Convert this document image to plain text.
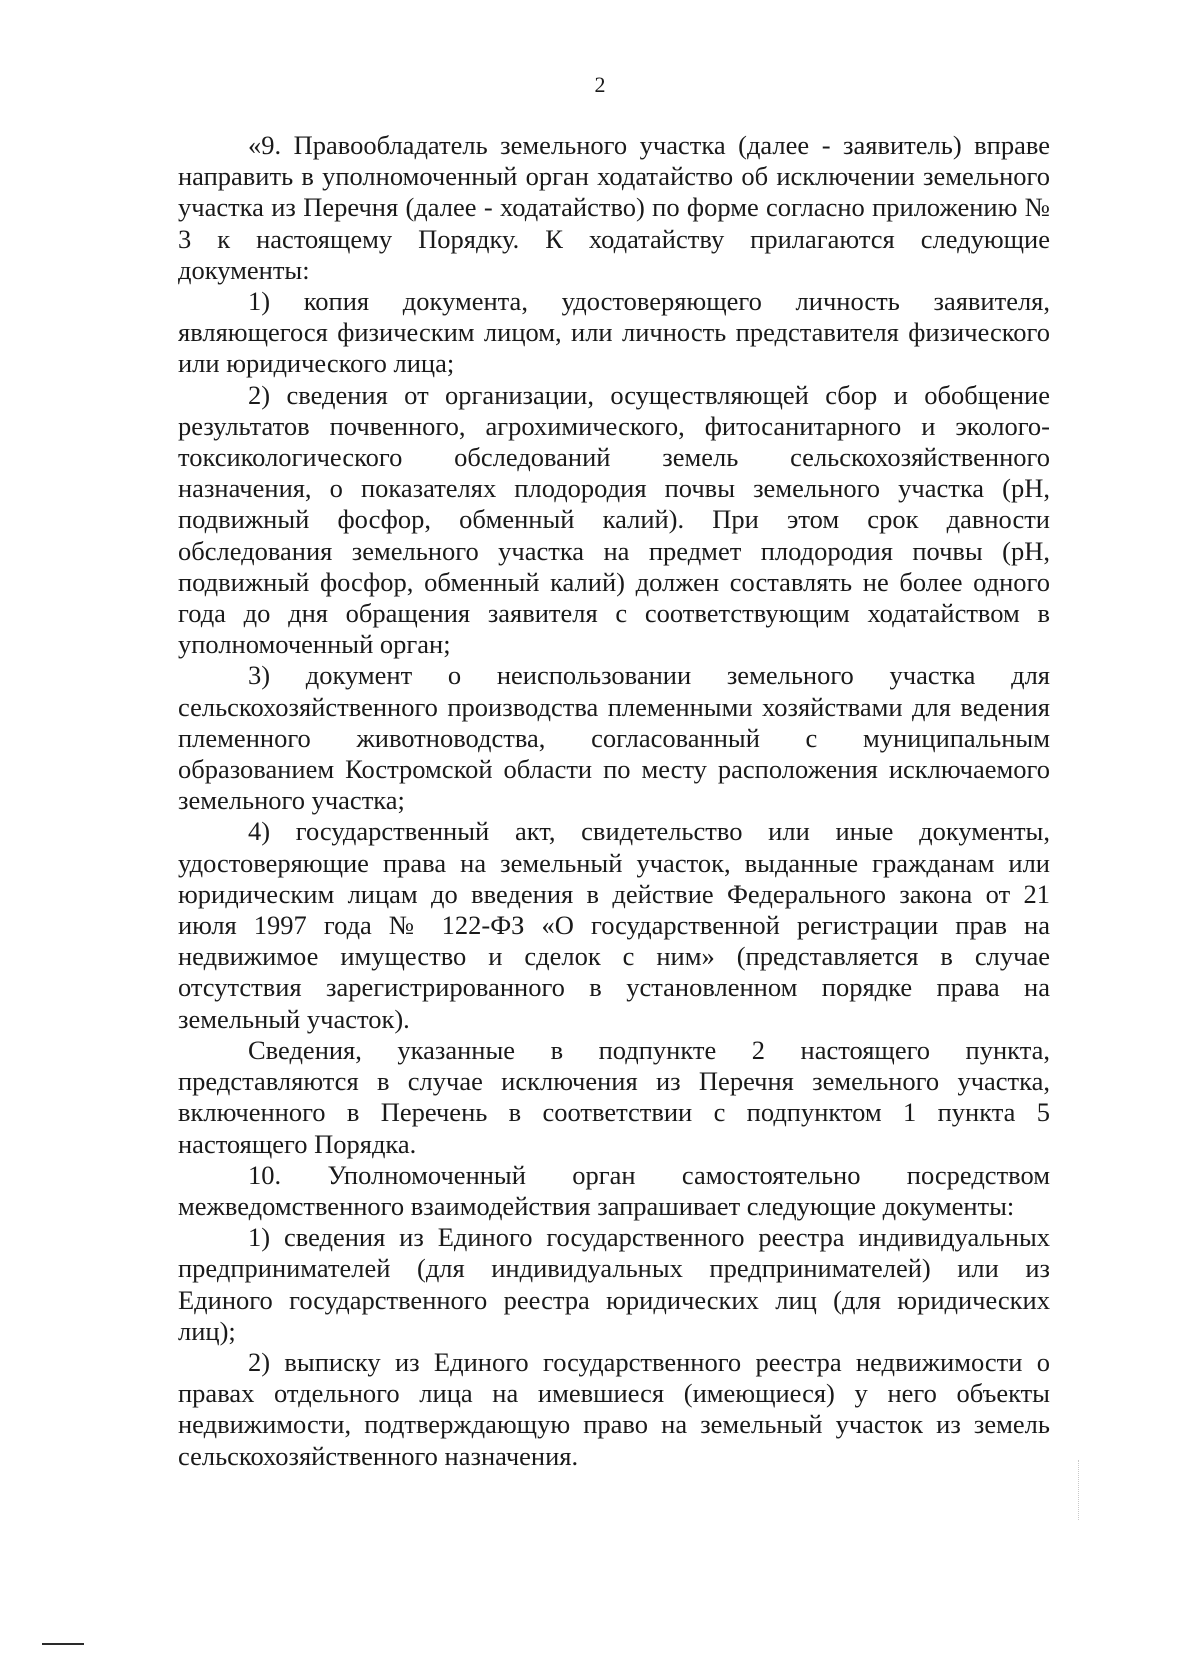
2

«9. Правообладатель земельного участка (далее - заявитель) вправе направить в уполномоченный орган ходатайство об исключении земельного участка из Перечня (далее - ходатайство) по форме согласно приложению № 3 к настоящему Порядку. К ходатайству прилагаются следующие документы:

1) копия документа, удостоверяющего личность заявителя, являющегося физическим лицом, или личность представителя физического или юридического лица;

2) сведения от организации, осуществляющей сбор и обобщение результатов почвенного, агрохимического, фитосанитарного и эколого-токсикологического обследований земель сельскохозяйственного назначения, о показателях плодородия почвы земельного участка (pH, подвижный фосфор, обменный калий). При этом срок давности обследования земельного участка на предмет плодородия почвы (pH, подвижный фосфор, обменный калий) должен составлять не более одного года до дня обращения заявителя с соответствующим ходатайством в уполномоченный орган;

3) документ о неиспользовании земельного участка для сельскохозяйственного производства племенными хозяйствами для ведения племенного животноводства, согласованный с муниципальным образованием Костромской области по месту расположения исключаемого земельного участка;

4) государственный акт, свидетельство или иные документы, удостоверяющие права на земельный участок, выданные гражданам или юридическим лицам до введения в действие Федерального закона от 21 июля 1997 года № 122-ФЗ «О государственной регистрации прав на недвижимое имущество и сделок с ним» (представляется в случае отсутствия зарегистрированного в установленном порядке права на земельный участок).

Сведения, указанные в подпункте 2 настоящего пункта, представляются в случае исключения из Перечня земельного участка, включенного в Перечень в соответствии с подпунктом 1 пункта 5 настоящего Порядка.

10. Уполномоченный орган самостоятельно посредством межведомственного взаимодействия запрашивает следующие документы:

1) сведения из Единого государственного реестра индивидуальных предпринимателей (для индивидуальных предпринимателей) или из Единого государственного реестра юридических лиц (для юридических лиц);

2) выписку из Единого государственного реестра недвижимости о правах отдельного лица на имевшиеся (имеющиеся) у него объекты недвижимости, подтверждающую право на земельный участок из земель сельскохозяйственного назначения.
